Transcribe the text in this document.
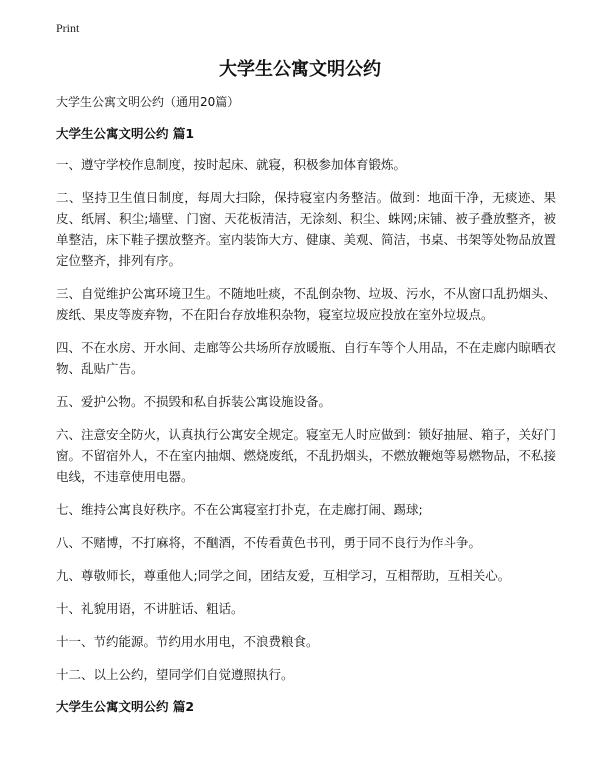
Print
大学生公寓文明公约

大学生公寓文明公约（通用20篇）

大学生公寓文明公约 篇1

一、遵守学校作息制度，按时起床、就寝，积极参加体育锻炼。

二、坚持卫生值日制度，每周大扫除，保持寝室内务整洁。做到：地面干净，无痰迹、果皮、纸屑、积尘;墙壁、门窗、天花板清洁，无涂刻、积尘、蛛网;床铺、被子叠放整齐，被单整洁，床下鞋子摆放整齐。室内装饰大方、健康、美观、简洁，书桌、书架等处物品放置定位整齐，排列有序。

三、自觉维护公寓环境卫生。不随地吐痰，不乱倒杂物、垃圾、污水，不从窗口乱扔烟头、废纸、果皮等废弃物，不在阳台存放堆积杂物，寝室垃圾应投放在室外垃圾点。

四、不在水房、开水间、走廊等公共场所存放暖瓶、自行车等个人用品，不在走廊内晾晒衣物、乱贴广告。

五、爱护公物。不损毁和私自拆装公寓设施设备。

六、注意安全防火，认真执行公寓安全规定。寝室无人时应做到：锁好抽屉、箱子，关好门窗。不留宿外人，不在室内抽烟、燃烧废纸，不乱扔烟头，不燃放鞭炮等易燃物品，不私接电线，不违章使用电器。

七、维持公寓良好秩序。不在公寓寝室打扑克，在走廊打闹、踢球;

八、不赌博，不打麻将，不酗酒，不传看黄色书刊，勇于同不良行为作斗争。

九、尊敬师长，尊重他人;同学之间，团结友爱，互相学习，互相帮助，互相关心。

十、礼貌用语，不讲脏话、粗话。

十一、节约能源。节约用水用电，不浪费粮食。

十二、以上公约，望同学们自觉遵照执行。

大学生公寓文明公约 篇2
